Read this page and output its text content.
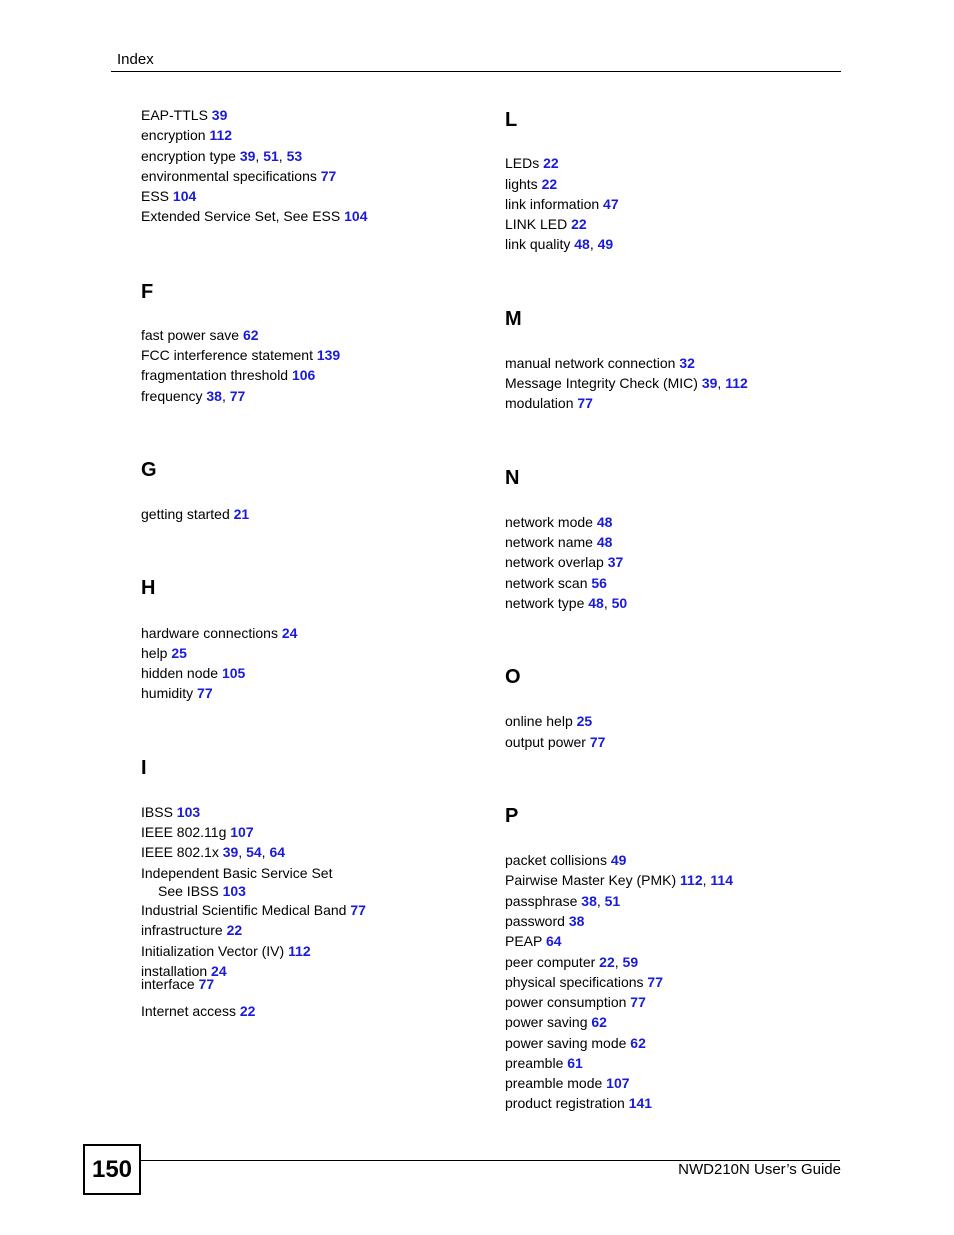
Index
EAP-TTLS 39
encryption 112
encryption type 39, 51, 53
environmental specifications 77
ESS 104
Extended Service Set, See ESS 104
F
fast power save 62
FCC interference statement 139
fragmentation threshold 106
frequency 38, 77
G
getting started 21
H
hardware connections 24
help 25
hidden node 105
humidity 77
I
IBSS 103
IEEE 802.11g 107
IEEE 802.1x 39, 54, 64
Independent Basic Service Set
See IBSS 103
Industrial Scientific Medical Band 77
infrastructure 22
Initialization Vector (IV) 112
installation 24
interface 77
Internet access 22
L
LEDs 22
lights 22
link information 47
LINK LED 22
link quality 48, 49
M
manual network connection 32
Message Integrity Check (MIC) 39, 112
modulation 77
N
network mode 48
network name 48
network overlap 37
network scan 56
network type 48, 50
O
online help 25
output power 77
P
packet collisions 49
Pairwise Master Key (PMK) 112, 114
passphrase 38, 51
password 38
PEAP 64
peer computer 22, 59
physical specifications 77
power consumption 77
power saving 62
power saving mode 62
preamble 61
preamble mode 107
product registration 141
150	NWD210N User’s Guide
